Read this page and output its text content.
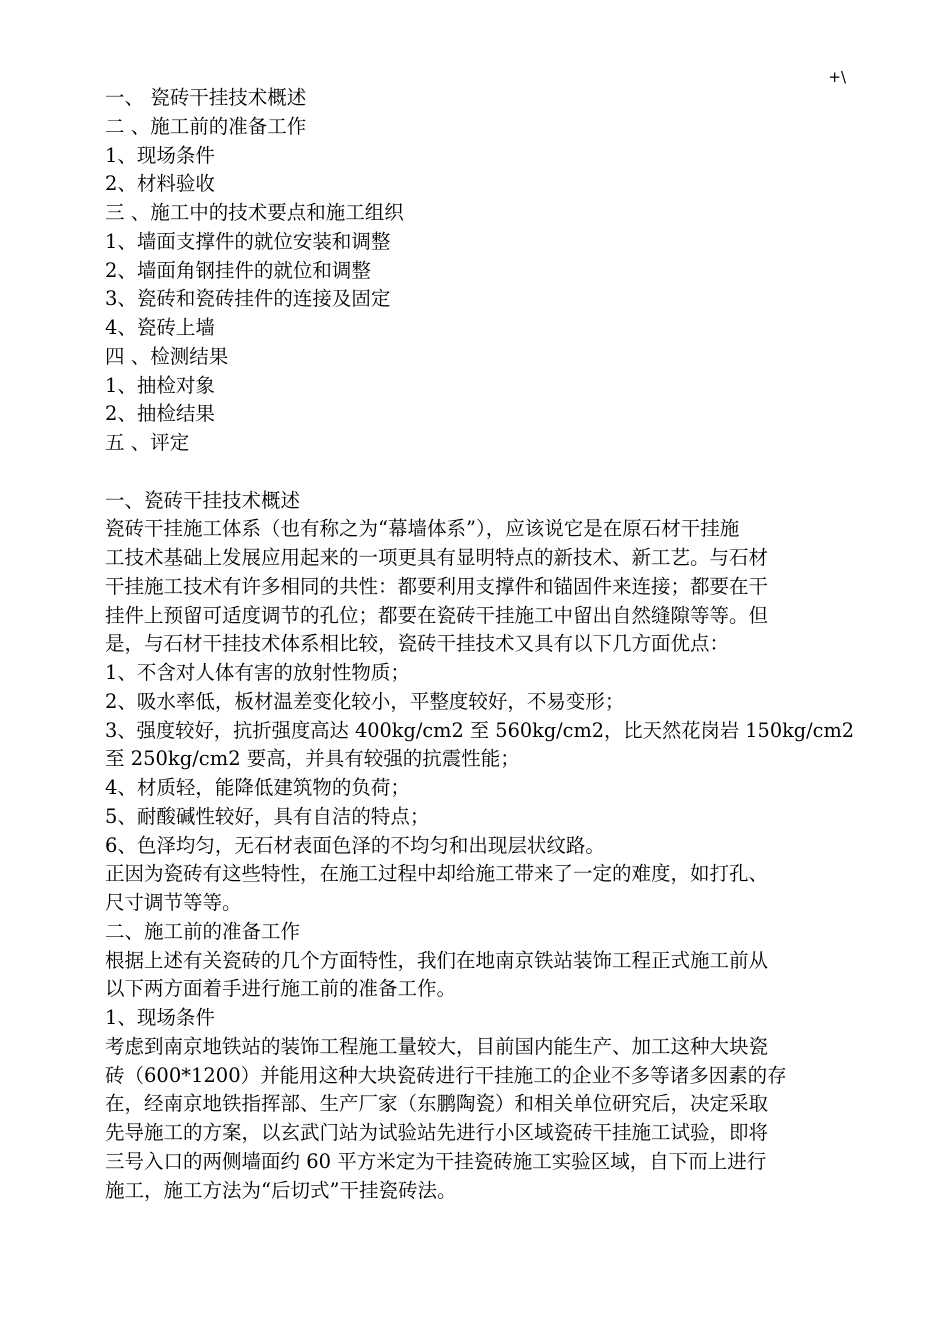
+\
一、 瓷砖干挂技术概述
二 、施工前的准备工作
1、现场条件
2、材料验收
三 、施工中的技术要点和施工组织
1、墙面支撑件的就位安装和调整
2、墙面角钢挂件的就位和调整
3、瓷砖和瓷砖挂件的连接及固定
4、瓷砖上墙
四 、检测结果
1、抽检对象
2、抽检结果
五 、评定
一、瓷砖干挂技术概述
瓷砖干挂施工体系（也有称之为“幕墙体系”），应该说它是在原石材干挂施
工技术基础上发展应用起来的一项更具有显明特点的新技术、新工艺。与石材
干挂施工技术有许多相同的共性：都要利用支撑件和锚固件来连接；都要在干
挂件上预留可适度调节的孔位；都要在瓷砖干挂施工中留出自然缝隙等等。但
是，与石材干挂技术体系相比较，瓷砖干挂技术又具有以下几方面优点：
1、不含对人体有害的放射性物质；
2、吸水率低，板材温差变化较小，平整度较好，不易变形；
3、强度较好，抗折强度高达 400kg/cm2 至 560kg/cm2，比天然花岗岩 150kg/cm2
至 250kg/cm2 要高，并具有较强的抗震性能；
4、材质轻，能降低建筑物的负荷；
5、耐酸碱性较好，具有自洁的特点；
6、色泽均匀，无石材表面色泽的不均匀和出现层状纹路。
正因为瓷砖有这些特性，在施工过程中却给施工带来了一定的难度，如打孔、
尺寸调节等等。
二、施工前的准备工作
根据上述有关瓷砖的几个方面特性，我们在地南京铁站装饰工程正式施工前从
以下两方面着手进行施工前的准备工作。
1、现场条件
考虑到南京地铁站的装饰工程施工量较大，目前国内能生产、加工这种大块瓷
砖（600*1200）并能用这种大块瓷砖进行干挂施工的企业不多等诸多因素的存
在，经南京地铁指挥部、生产厂家（东鹏陶瓷）和相关单位研究后，决定采取
先导施工的方案，以玄武门站为试验站先进行小区域瓷砖干挂施工试验，即将
三号入口的两侧墙面约 60 平方米定为干挂瓷砖施工实验区域，自下而上进行
施工，施工方法为“后切式”干挂瓷砖法。
